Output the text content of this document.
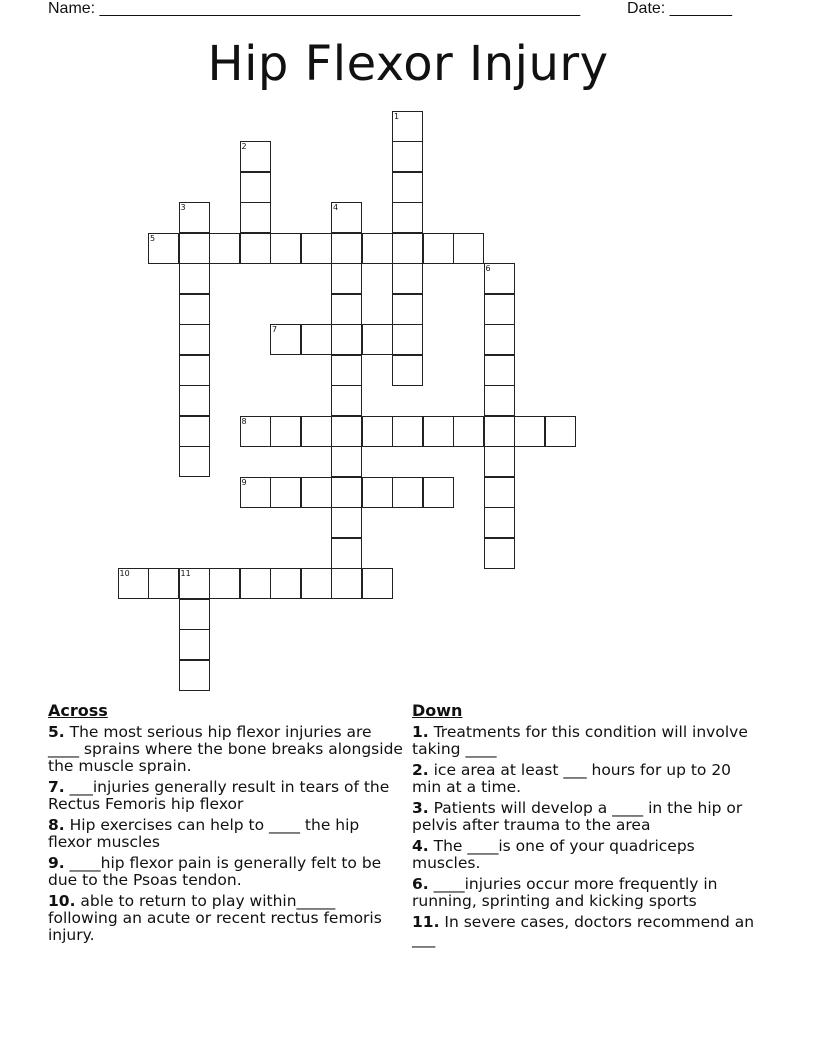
Name: ______________________________________________________	Date: _______
Hip Flexor Injury
1
2
3	4
5
6
7
8
9
10	11
Across
5. The most serious hip flexor injuries are ____ sprains where the bone breaks alongside the muscle sprain.
7. ___injuries generally result in tears of the Rectus Femoris hip flexor
8. Hip exercises can help to ____ the hip flexor muscles
9. ____hip flexor pain is generally felt to be due to the Psoas tendon.
10. able to return to play within_____ following an acute or recent rectus femoris injury.
Down
1. Treatments for this condition will involve taking ____
2. ice area at least ___ hours for up to 20 min at a time.
3. Patients will develop a ____ in the hip or pelvis after trauma to the area
4. The ____is one of your quadriceps muscles.
6. ____injuries occur more frequently in running, sprinting and kicking sports
11. In severe cases, doctors recommend an ___
